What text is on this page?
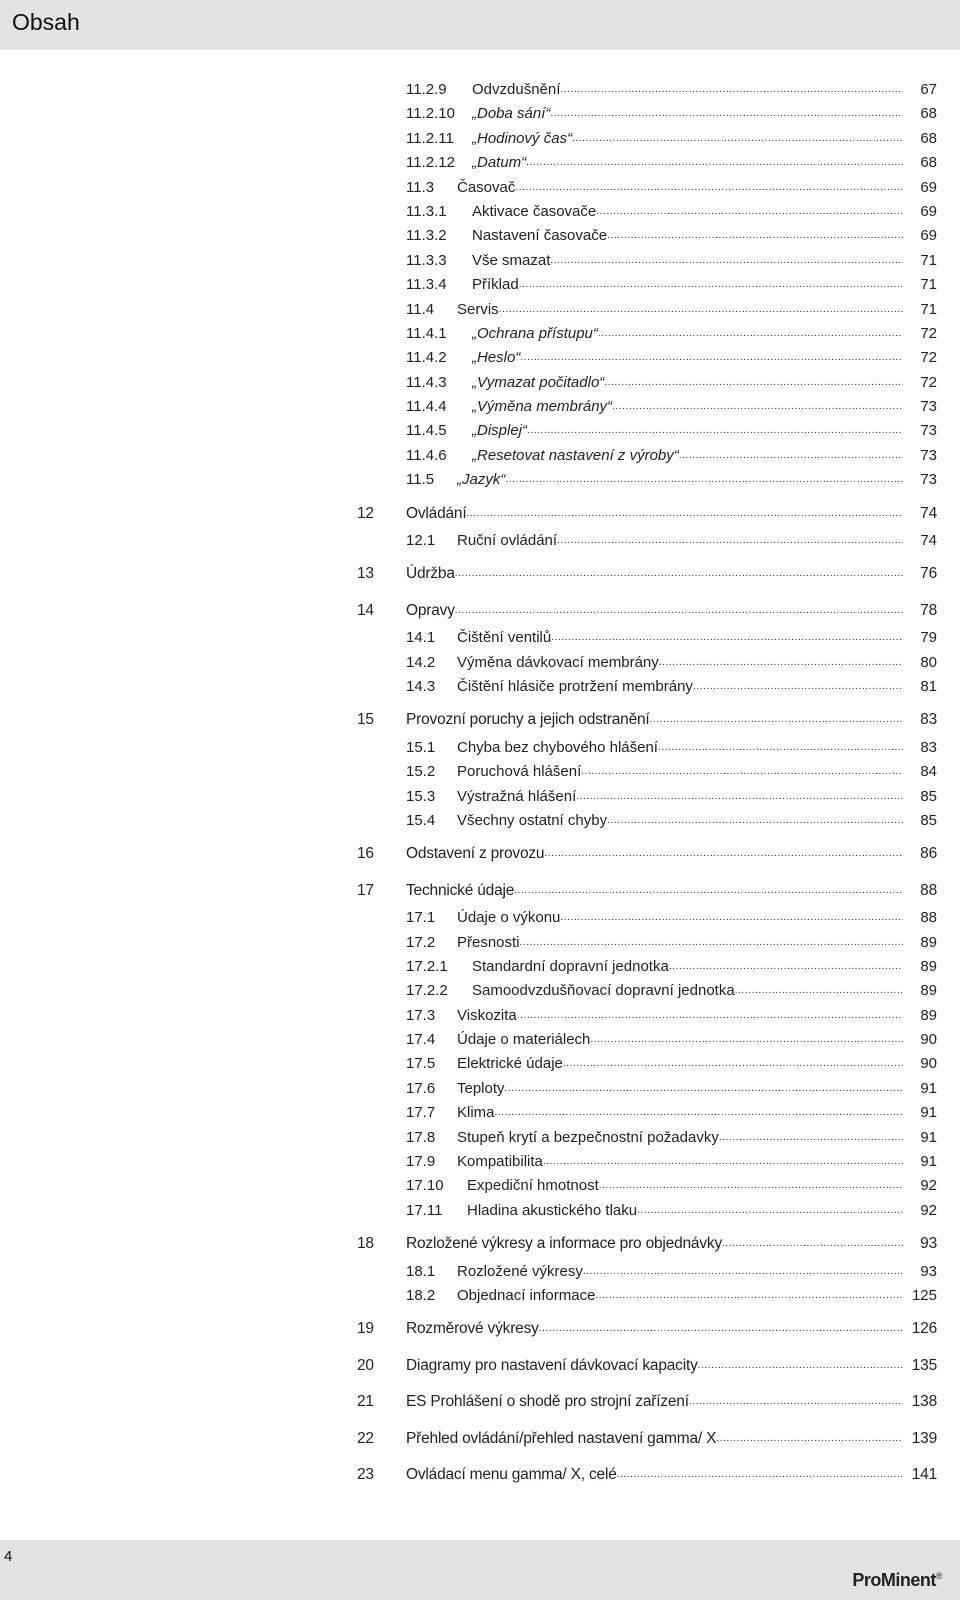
Obsah
11.2.9	Odvzdušnění .....	67
11.2.10	„Doba sání“ .....	68
11.2.11	„Hodinový čas“ .....	68
11.2.12	„Datum“ .....	68
11.3	Časovač .....	69
11.3.1	Aktivace časovače .....	69
11.3.2	Nastavení časovače .....	69
11.3.3	Vše smazat .....	71
11.3.4	Příklad .....	71
11.4	Servis .....	71
11.4.1	„Ochrana přístupu“ .....	72
11.4.2	„Heslo“ .....	72
11.4.3	„Vymazat počitadlo“ .....	72
11.4.4	„Výměna membrány“ .....	73
11.4.5	„Displej“ .....	73
11.4.6	„Resetovat nastavení z výroby“ .....	73
11.5	„Jazyk“ .....	73
12	Ovládání .....	74
12.1	Ruční ovládání .....	74
13	Údržba .....	76
14	Opravy .....	78
14.1	Čištění ventilů .....	79
14.2	Výměna dávkovací membrány .....	80
14.3	Čištění hlásiče protržení membrány .....	81
15	Provozní poruchy a jejich odstranění .....	83
15.1	Chyba bez chybového hlášení .....	83
15.2	Poruchová hlášení .....	84
15.3	Výstražná hlášení .....	85
15.4	Všechny ostatní chyby .....	85
16	Odstavení z provozu .....	86
17	Technické údaje .....	88
17.1	Údaje o výkonu .....	88
17.2	Přesnosti .....	89
17.2.1	Standardní dopravní jednotka .....	89
17.2.2	Samoodvzdušňovací dopravní jednotka .....	89
17.3	Viskozita .....	89
17.4	Údaje o materiálech .....	90
17.5	Elektrické údaje .....	90
17.6	Teploty .....	91
17.7	Klima .....	91
17.8	Stupeň krytí a bezpečnostní požadavky .....	91
17.9	Kompatibilita .....	91
17.10	Expediční hmotnost .....	92
17.11	Hladina akustického tlaku .....	92
18	Rozložené výkresy a informace pro objednávky .....	93
18.1	Rozložené výkresy .....	93
18.2	Objednací informace .....	125
19	Rozměrové výkresy .....	126
20	Diagramy pro nastavení dávkovací kapacity .....	135
21	ES Prohlášení o shodě pro strojní zařízení .....	138
22	Přehled ovládání/přehled nastavení gamma/ X .....	139
23	Ovládací menu gamma/ X, celé .....	141
4
ProMinent®
